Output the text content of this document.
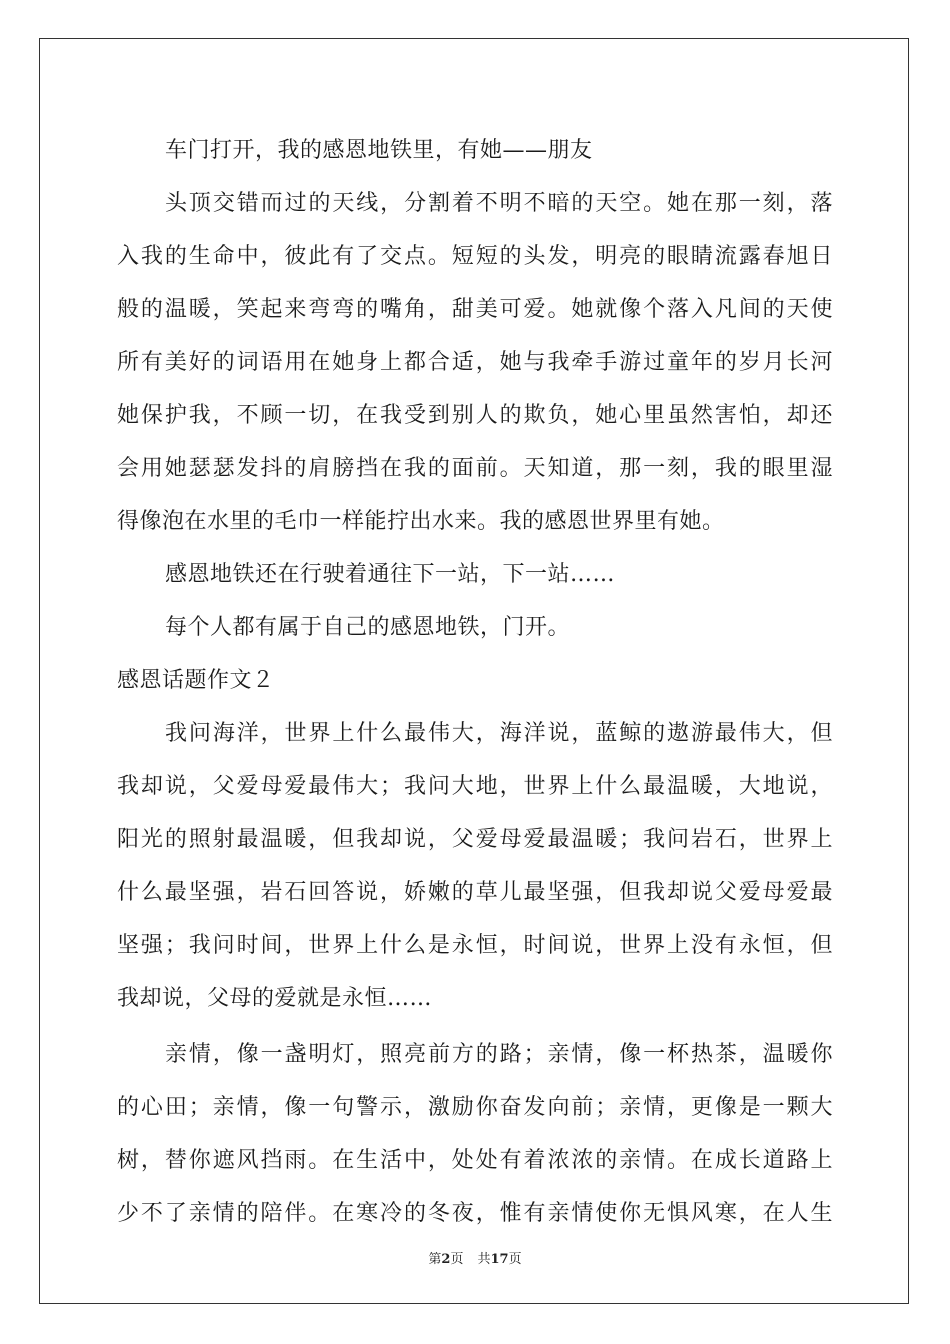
车门打开，我的感恩地铁里，有她——朋友
头顶交错而过的天线，分割着不明不暗的天空。她在那一刻，落
入我的生命中，彼此有了交点。短短的头发，明亮的眼睛流露春旭日
般的温暖，笑起来弯弯的嘴角，甜美可爱。她就像个落入凡间的天使
所有美好的词语用在她身上都合适，她与我牵手游过童年的岁月长河
她保护我，不顾一切，在我受到别人的欺负，她心里虽然害怕，却还
会用她瑟瑟发抖的肩膀挡在我的面前。天知道，那一刻，我的眼里湿
得像泡在水里的毛巾一样能拧出水来。我的感恩世界里有她。
感恩地铁还在行驶着通往下一站，下一站……
每个人都有属于自己的感恩地铁，门开。
感恩话题作文２
我问海洋，世界上什么最伟大，海洋说，蓝鲸的遨游最伟大，但
我却说，父爱母爱最伟大；我问大地，世界上什么最温暖，大地说，
阳光的照射最温暖，但我却说，父爱母爱最温暖；我问岩石，世界上
什么最坚强，岩石回答说，娇嫩的草儿最坚强，但我却说父爱母爱最
坚强；我问时间，世界上什么是永恒，时间说，世界上没有永恒，但
我却说，父母的爱就是永恒……
亲情，像一盏明灯，照亮前方的路；亲情，像一杯热茶，温暖你
的心田；亲情，像一句警示，激励你奋发向前；亲情，更像是一颗大
树，替你遮风挡雨。在生活中，处处有着浓浓的亲情。在成长道路上
少不了亲情的陪伴。在寒冷的冬夜，惟有亲情使你无惧风寒，在人生
第2页 共17页
